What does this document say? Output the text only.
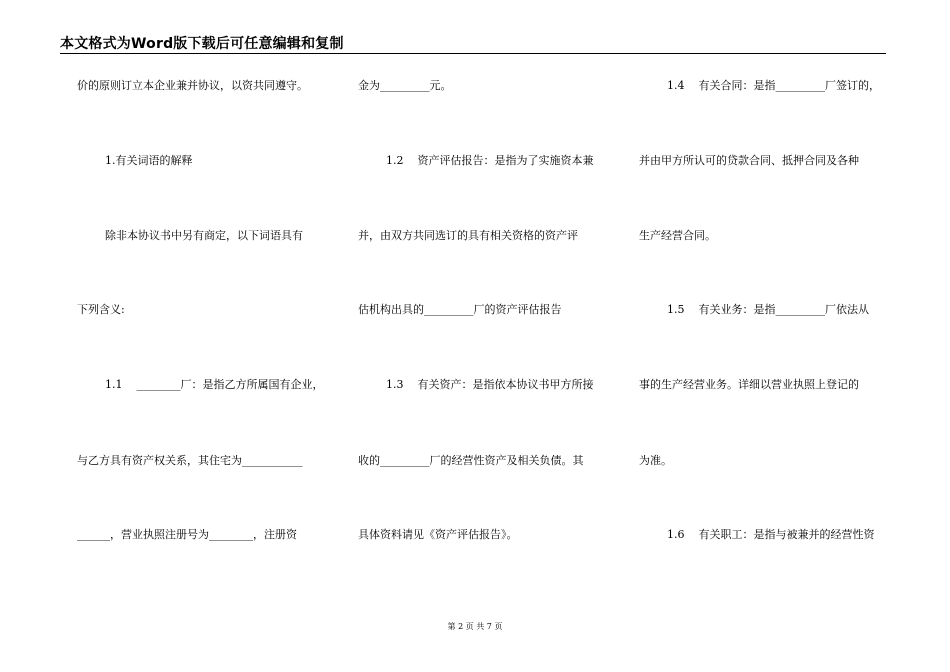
本文格式为Word版下载后可任意编辑和复制
价的原则订立本企业兼并协议，以资共同遵守。
1.有关词语的解释
除非本协议书中另有商定，以下词语具有
下列含义:
1.1    ________厂：是指乙方所属国有企业，
与乙方具有资产权关系，其住宅为___________
______，营业执照注册号为________，注册资
金为_________元。
1.2    资产评估报告：是指为了实施资本兼
并，由双方共同选订的具有相关资格的资产评
估机构出具的_________厂的资产评估报告
1.3    有关资产：是指依本协议书甲方所接
收的_________厂的经营性资产及相关负债。其
具体资料请见《资产评估报告》。
1.4    有关合同：是指_________厂签订的，
并由甲方所认可的贷款合同、抵押合同及各种
生产经营合同。
1.5    有关业务：是指_________厂依法从
事的生产经营业务。详细以营业执照上登记的
为准。
1.6    有关职工：是指与被兼并的经营性资
第 2 页 共 7 页
